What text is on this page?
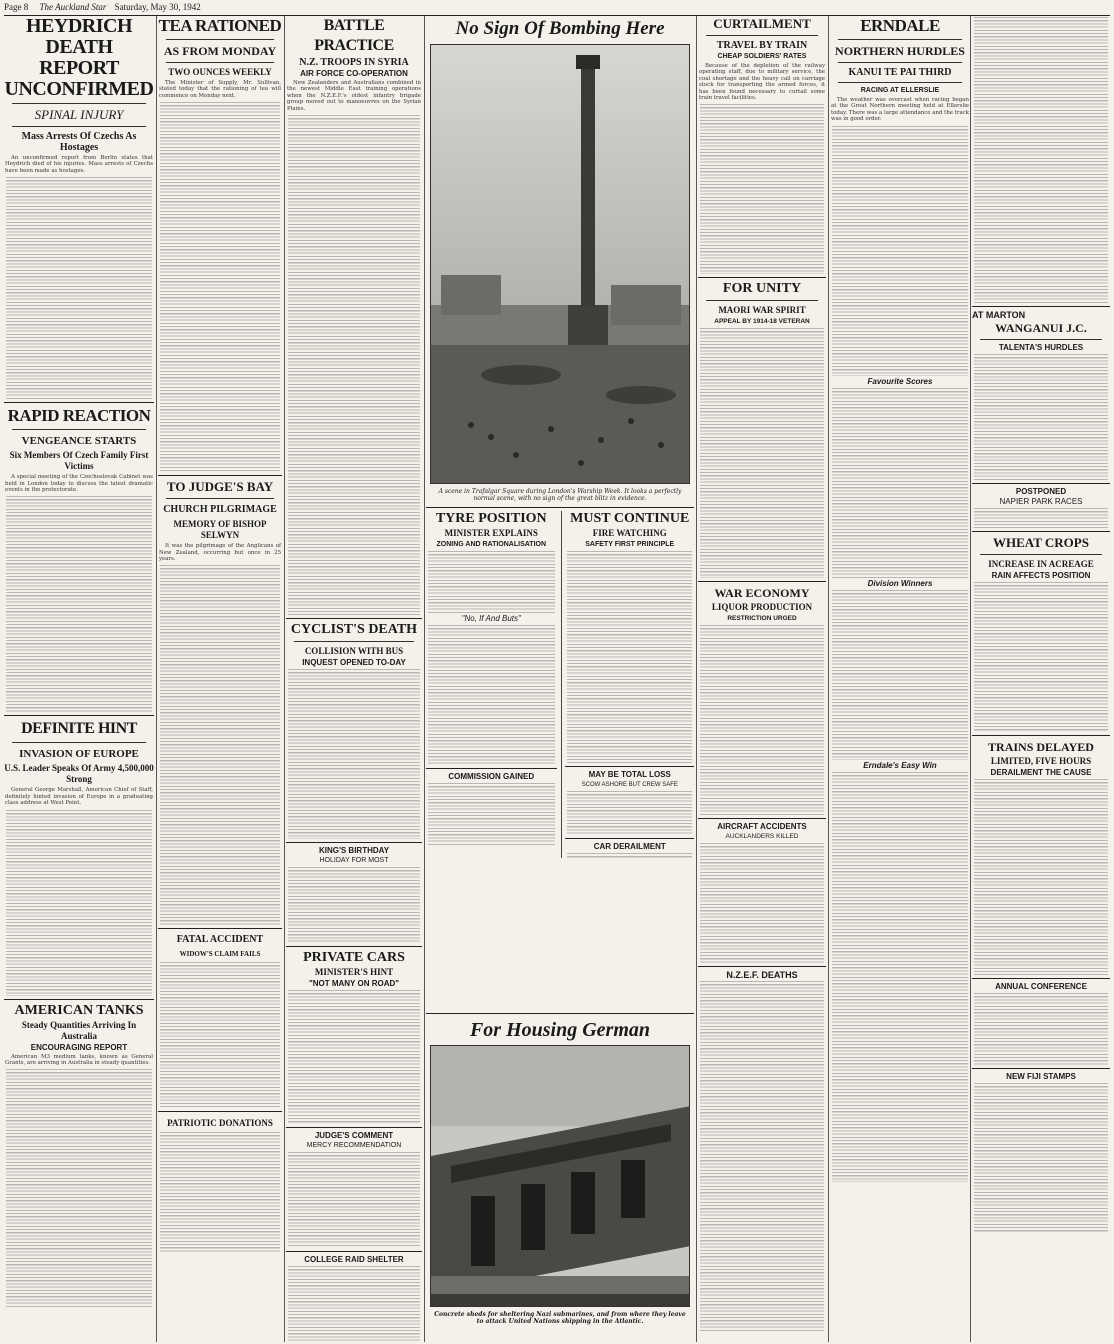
Page 8 The Auckland Star Saturday, May 30, 1942
HEYDRICH DEATH REPORT UNCONFIRMED
SPINAL INJURY
Mass Arrests Of Czechs As Hostages

An unconfirmed report from Berlin states that Heydrich died of his injuries. Mass arrests of Czechs have been made as hostages.

RAPID REACTION
VENGEANCE STARTS
Six Members Of Czech Family First Victims

A special meeting of the Czechoslovak Cabinet was held in London today to discuss the latest dramatic events in the protectorate.

DEFINITE HINT
INVASION OF EUROPE
U.S. Leader Speaks Of Army 4,500,000 Strong

General George Marshall, American Chief of Staff, definitely hinted invasion of Europe in a graduating class address at West Point.

AMERICAN TANKS
Steady Quantities Arriving In Australia
ENCOURAGING REPORT

American M3 medium tanks, known as General Grants, are arriving in Australia in steady quantities.

TEA RATIONED
AS FROM MONDAY
TWO OUNCES WEEKLY

The Minister of Supply, Mr. Sullivan, stated today that the rationing of tea will commence on Monday next.

TO JUDGE'S BAY
CHURCH PILGRIMAGE
MEMORY OF BISHOP SELWYN

It was the pilgrimage of the Anglicans of New Zealand, occurring but once in 25 years.

FATAL ACCIDENT
WIDOW'S CLAIM FAILS
PATRIOTIC DONATIONS
BATTLE PRACTICE
N.Z. TROOPS IN SYRIA
AIR FORCE CO-OPERATION

New Zealanders and Australians combined in the newest Middle East training operations when the N.Z.E.F.'s oldest infantry brigade group moved out to manoeuvres on the Syrian Plains.

CYCLIST'S DEATH
COLLISION WITH BUS
INQUEST OPENED TO-DAY
KING'S BIRTHDAY
HOLIDAY FOR MOST
PRIVATE CARS
MINISTER'S HINT
"NOT MANY ON ROAD"
JUDGE'S COMMENT
MERCY RECOMMENDATION
COLLEGE RAID SHELTER
No Sign Of Bombing Here
A scene in Trafalgar Square during London's Warship Week. It looks a perfectly normal scene, with no sign of the great blitz in evidence.
TYRE POSITION
MINISTER EXPLAINS
ZONING AND RATIONALISATION
"No, If And Buts"
COMMISSION GAINED
MUST CONTINUE
FIRE WATCHING
SAFETY FIRST PRINCIPLE
MAY BE TOTAL LOSS
SCOW ASHORE BUT CREW SAFE
CAR DERAILMENT
For Housing German
Concrete sheds for sheltering Nazi submarines, and from where they leave to attack United Nations shipping in the Atlantic.
CURTAILMENT
TRAVEL BY TRAIN
CHEAP SOLDIERS' RATES

Because of the depletion of the railway operating staff, due to military service, the coal shortage and the heavy call on carriage stock for transporting the armed forces, it has been found necessary to curtail some train travel facilities.

FOR UNITY
MAORI WAR SPIRIT
APPEAL BY 1914-18 VETERAN
WAR ECONOMY
LIQUOR PRODUCTION
RESTRICTION URGED
AIRCRAFT ACCIDENTS
AUCKLANDERS KILLED
N.Z.E.F. DEATHS
ERNDALE
NORTHERN HURDLES
KANUI TE PAI THIRD
RACING AT ELLERSLIE

The weather was overcast when racing began at the Great Northern meeting held at Ellerslie today. There was a large attendance and the track was in good order.

Favourite Scores
Division Winners
Erndale's Easy Win
AT MARTON
WANGANUI J.C.
TALENTA'S HURDLES
POSTPONED
NAPIER PARK RACES
WHEAT CROPS
INCREASE IN ACREAGE
RAIN AFFECTS POSITION
TRAINS DELAYED
LIMITED, FIVE HOURS
DERAILMENT THE CAUSE
ANNUAL CONFERENCE
NEW FIJI STAMPS
